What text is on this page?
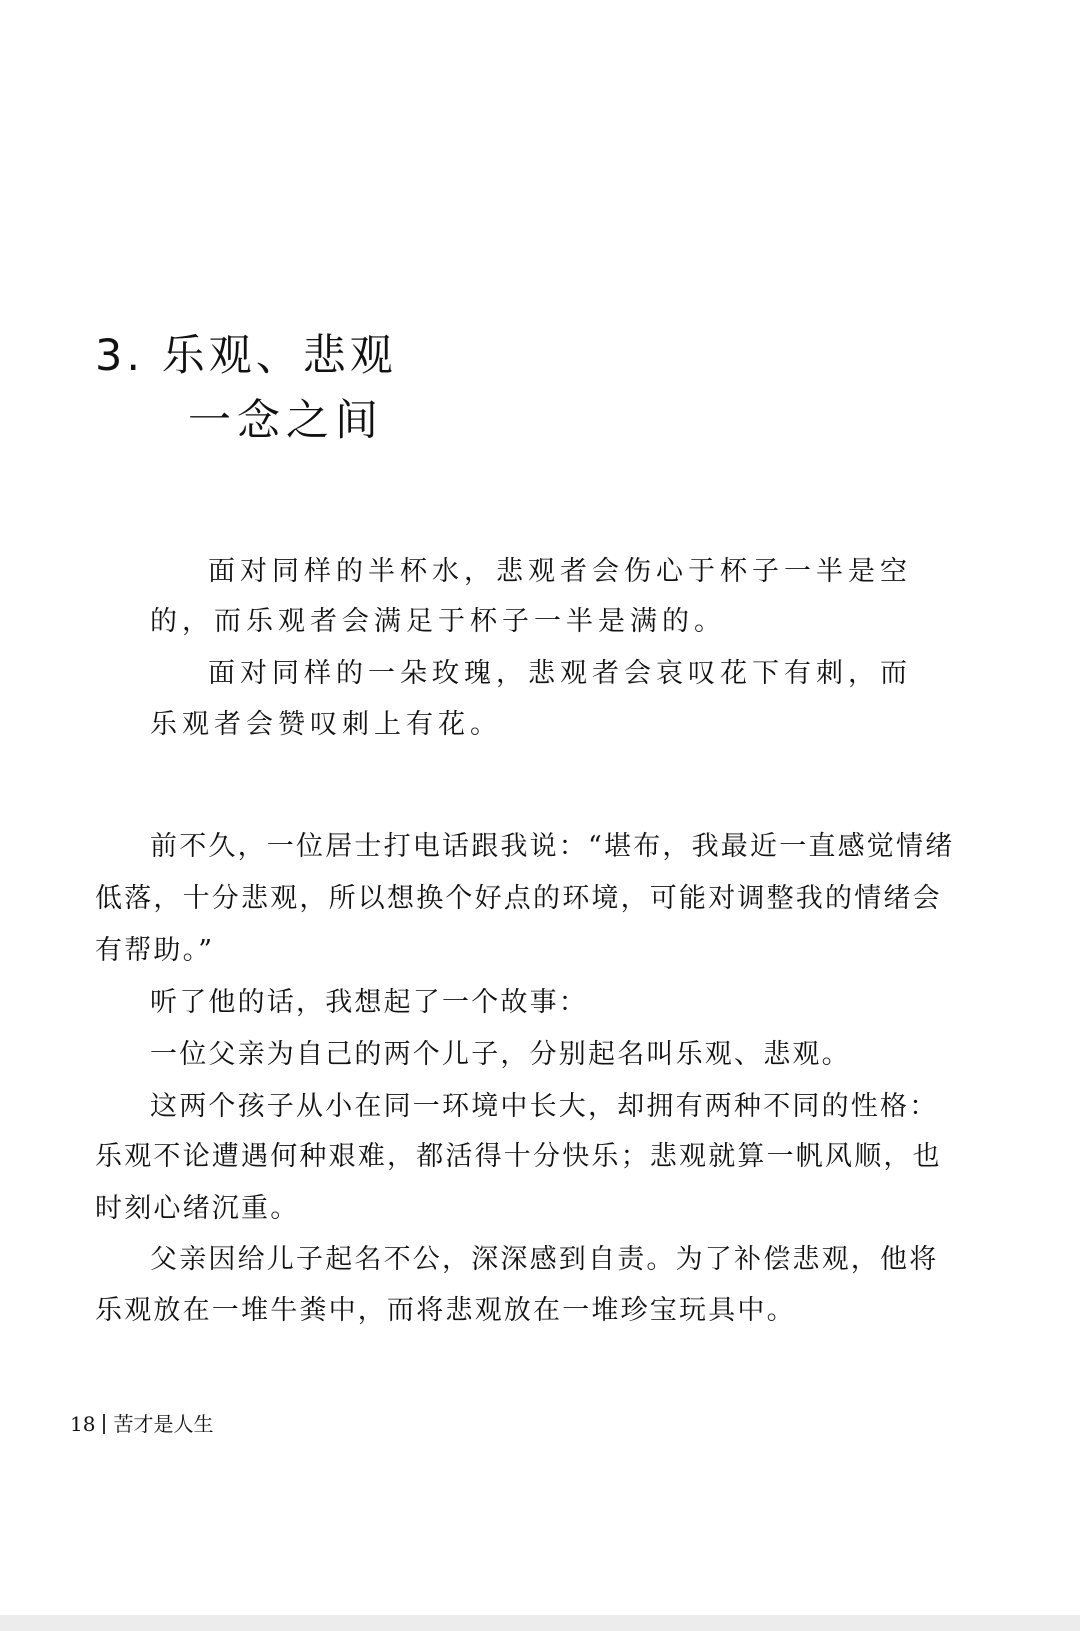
3. 乐观、悲观
一念之间

面对同样的半杯水，悲观者会伤心于杯子一半是空

的，而乐观者会满足于杯子一半是满的。

面对同样的一朵玫瑰，悲观者会哀叹花下有刺，而

乐观者会赞叹刺上有花。

前不久，一位居士打电话跟我说：“堪布，我最近一直感觉情绪

低落，十分悲观，所以想换个好点的环境，可能对调整我的情绪会

有帮助。”

听了他的话，我想起了一个故事：

一位父亲为自己的两个儿子，分别起名叫乐观、悲观。

这两个孩子从小在同一环境中长大，却拥有两种不同的性格：

乐观不论遭遇何种艰难，都活得十分快乐；悲观就算一帆风顺，也

时刻心绪沉重。

父亲因给儿子起名不公，深深感到自责。为了补偿悲观，他将

乐观放在一堆牛粪中，而将悲观放在一堆珍宝玩具中。

18 苦才是人生
